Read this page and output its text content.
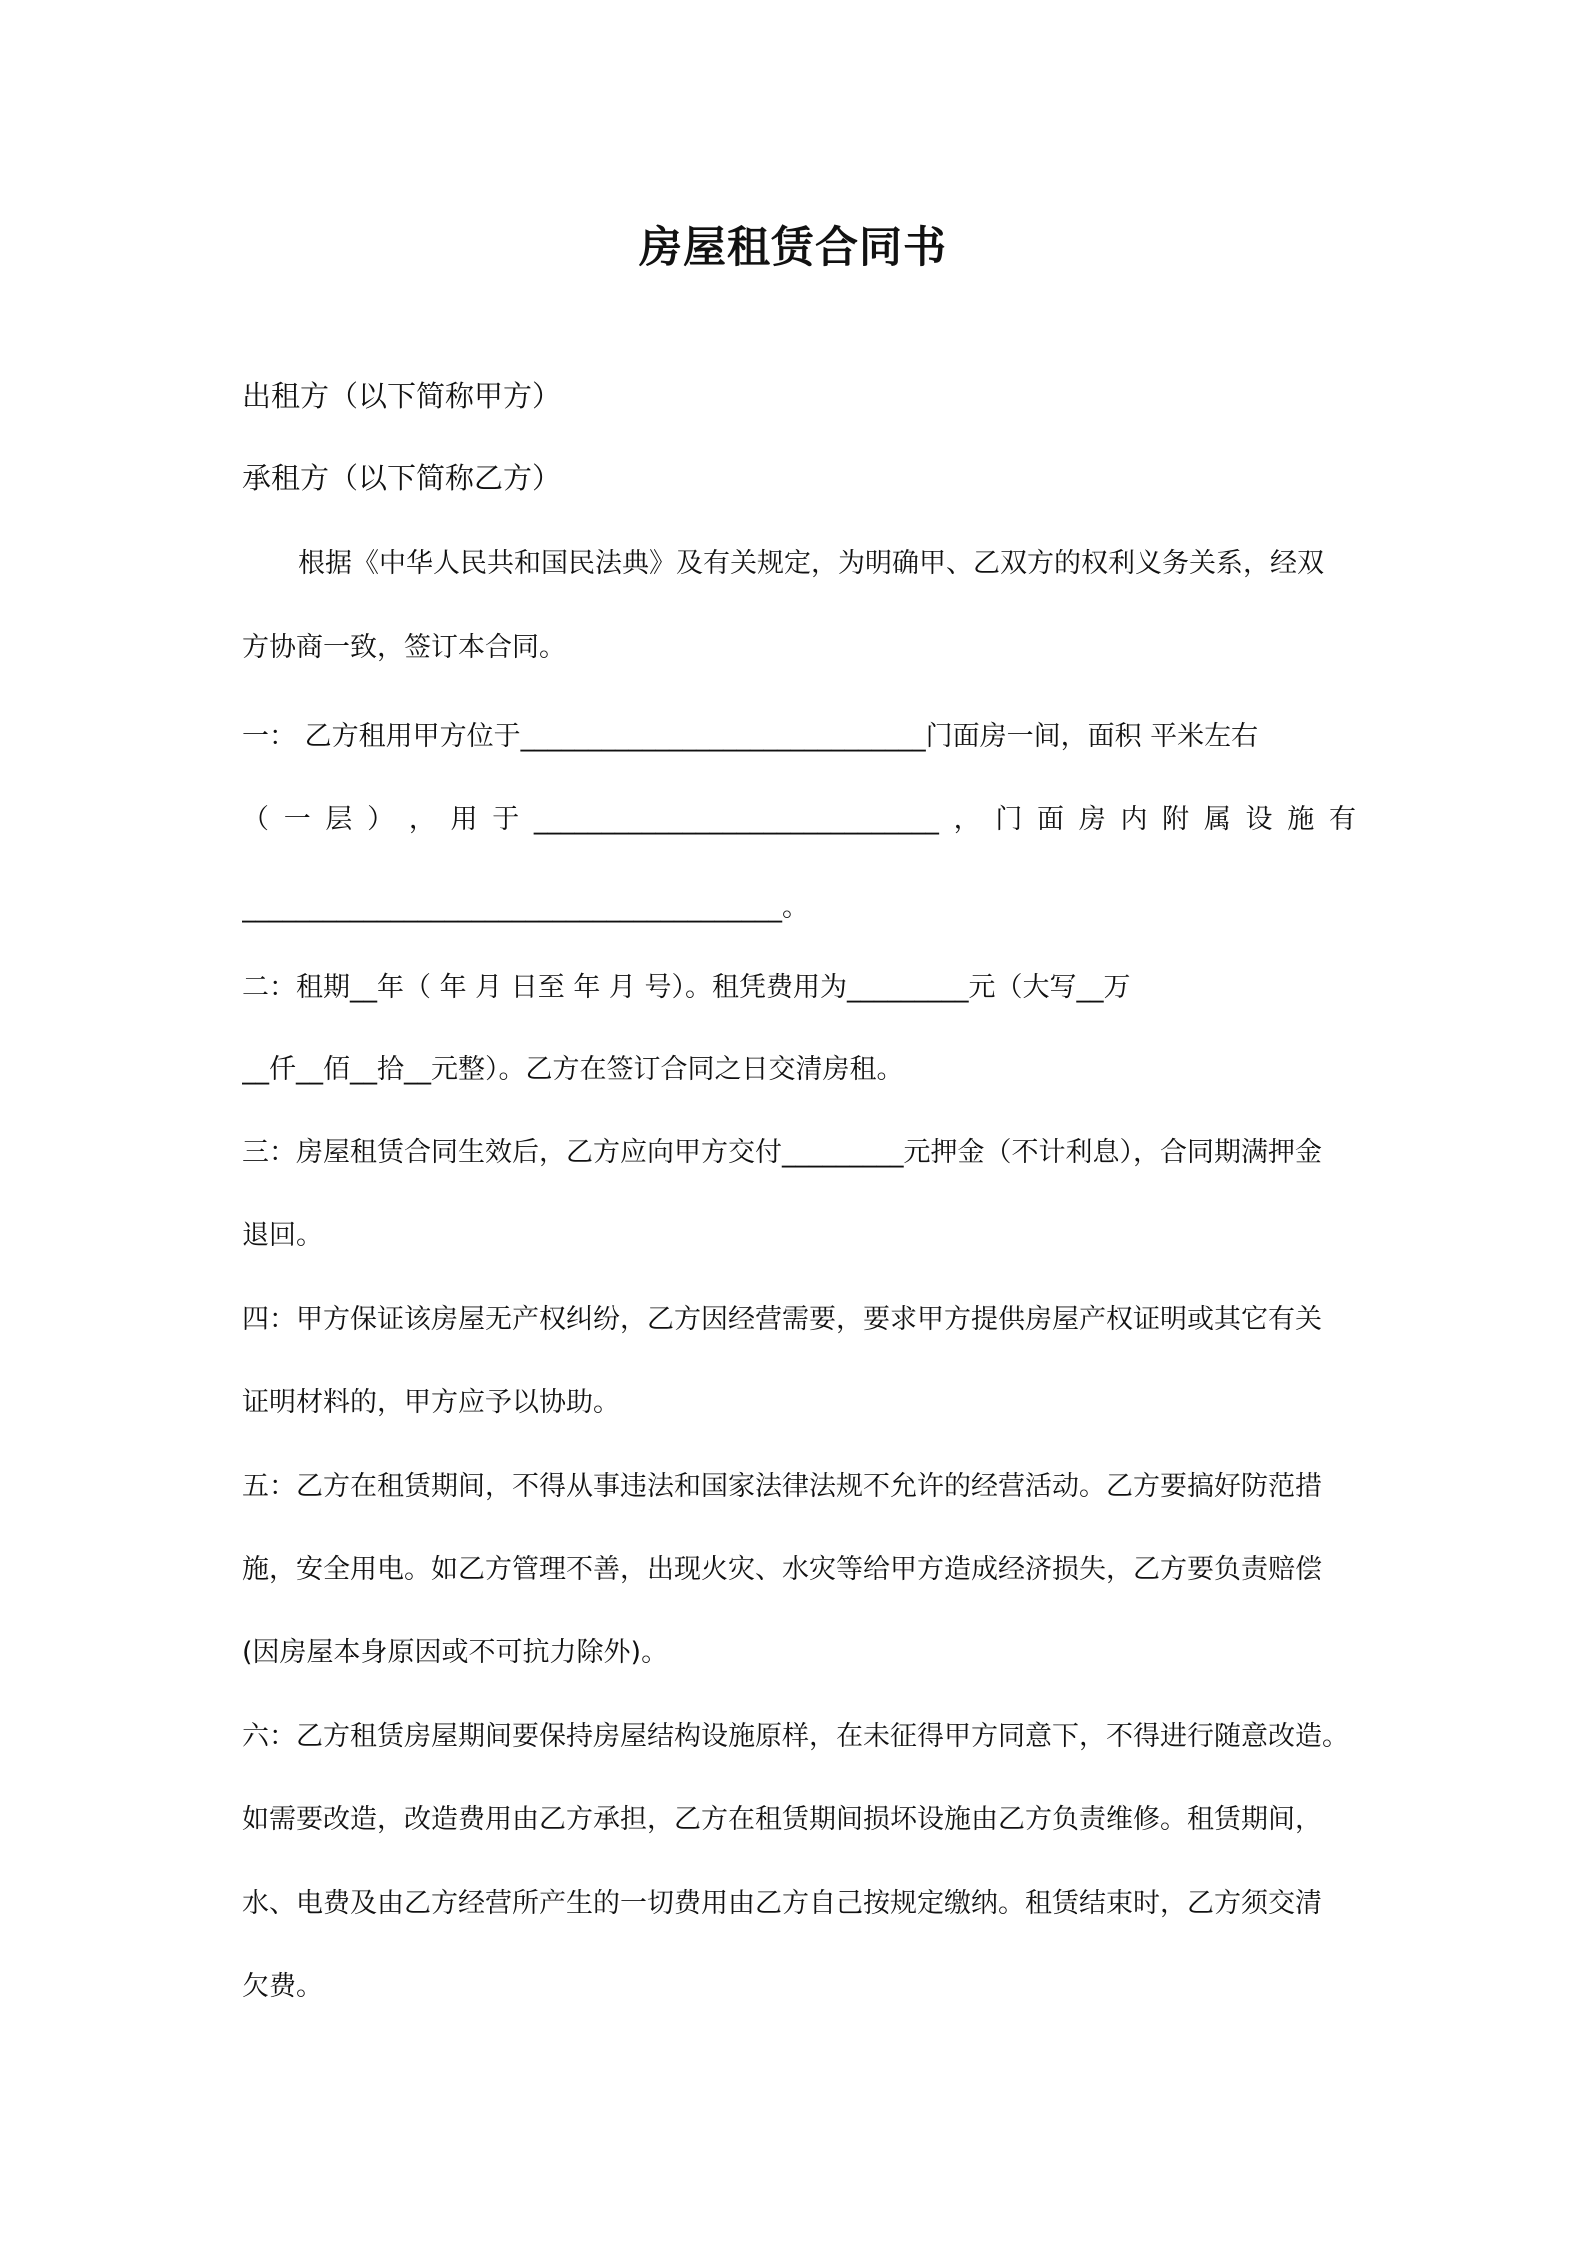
房屋租赁合同书
出租方（以下简称甲方）
承租方（以下简称乙方）
根据《中华人民共和国民法典》及有关规定，为明确甲、乙双方的权利义务关系，经双
方协商一致，签订本合同。
一： 乙方租用甲方位于______________________________门面房一间，面积 平米左右
（ 一 层 ） ， 用 于 ______________________________ ， 门 面 房 内 附 属 设 施 有
________________________________________。
二：租期__年（ 年 月 日至 年 月 号）。租凭费用为_________元（大写__万
__仟__佰__拾__元整）。乙方在签订合同之日交清房租。
三：房屋租赁合同生效后，乙方应向甲方交付_________元押金（不计利息），合同期满押金
退回。
四：甲方保证该房屋无产权纠纷，乙方因经营需要，要求甲方提供房屋产权证明或其它有关
证明材料的，甲方应予以协助。
五：乙方在租赁期间，不得从事违法和国家法律法规不允许的经营活动。乙方要搞好防范措
施，安全用电。如乙方管理不善，出现火灾、水灾等给甲方造成经济损失，乙方要负责赔偿
(因房屋本身原因或不可抗力除外)。
六：乙方租赁房屋期间要保持房屋结构设施原样，在未征得甲方同意下，不得进行随意改造。
如需要改造，改造费用由乙方承担，乙方在租赁期间损坏设施由乙方负责维修。租赁期间，
水、电费及由乙方经营所产生的一切费用由乙方自己按规定缴纳。租赁结束时，乙方须交清
欠费。
